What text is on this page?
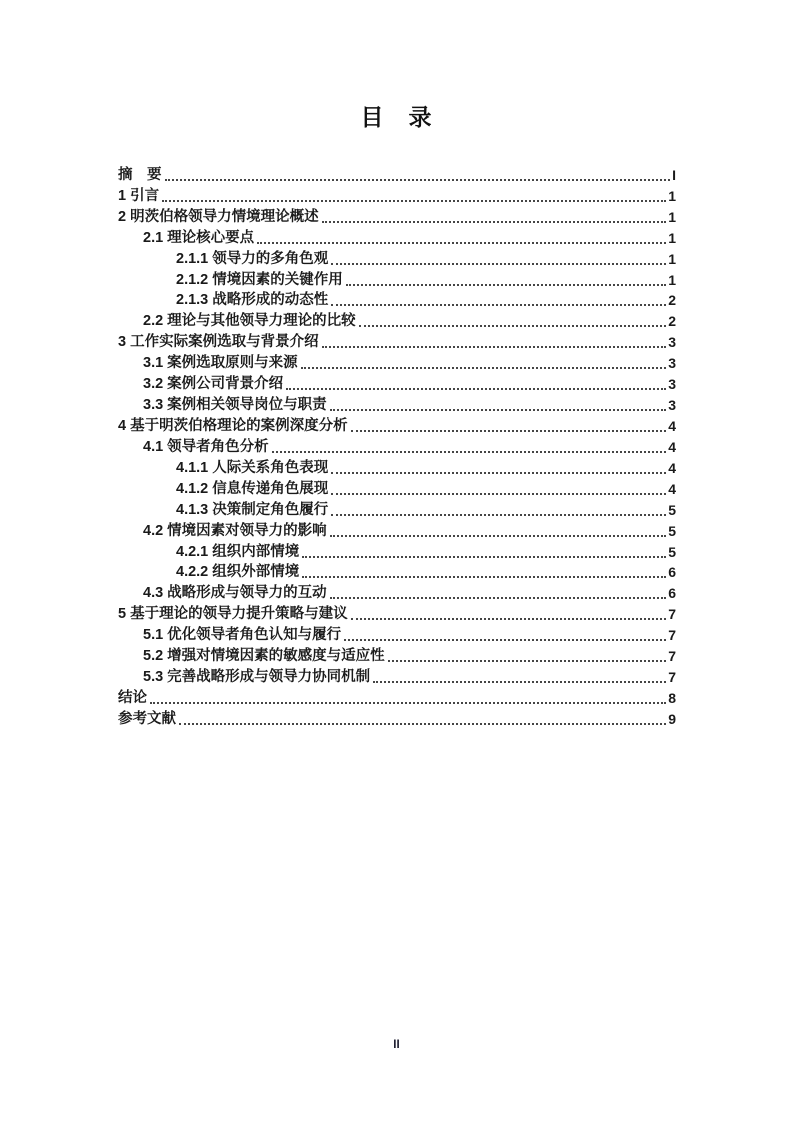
目　录
摘　要	I
1 引言	1
2 明茨伯格领导力情境理论概述	1
2.1 理论核心要点	1
2.1.1 领导力的多角色观	1
2.1.2 情境因素的关键作用	1
2.1.3 战略形成的动态性	2
2.2 理论与其他领导力理论的比较	2
3 工作实际案例选取与背景介绍	3
3.1 案例选取原则与来源	3
3.2 案例公司背景介绍	3
3.3 案例相关领导岗位与职责	3
4 基于明茨伯格理论的案例深度分析	4
4.1 领导者角色分析	4
4.1.1 人际关系角色表现	4
4.1.2 信息传递角色展现	4
4.1.3 决策制定角色履行	5
4.2 情境因素对领导力的影响	5
4.2.1 组织内部情境	5
4.2.2 组织外部情境	6
4.3 战略形成与领导力的互动	6
5 基于理论的领导力提升策略与建议	7
5.1 优化领导者角色认知与履行	7
5.2 增强对情境因素的敏感度与适应性	7
5.3 完善战略形成与领导力协同机制	7
结论	8
参考文献	9
II
